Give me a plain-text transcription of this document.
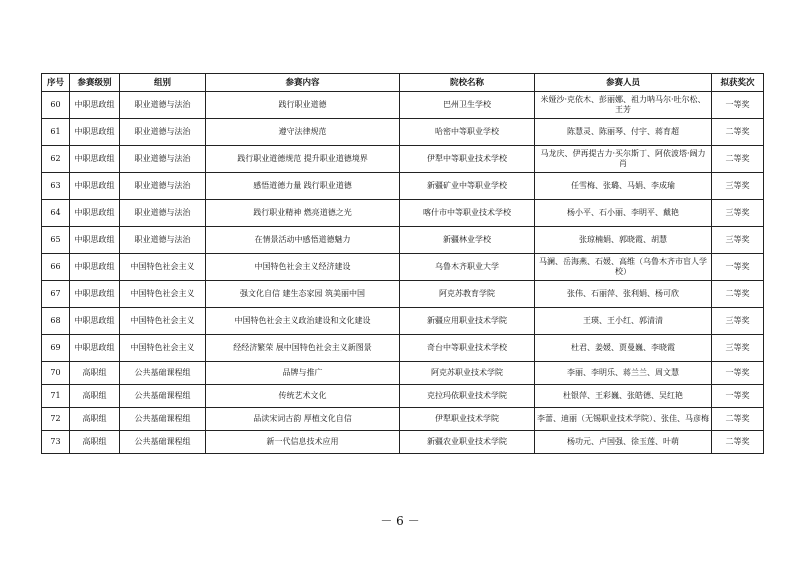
序号	参赛级别	组别	参赛内容	院校名称	参赛人员	拟获奖次
60	中职思政组	职业道德与法治	践行职业道德	巴州卫生学校	米娅沙·克依木、彭丽娜、祖力呐马尔·吐尔松、王芳	一等奖
61	中职思政组	职业道德与法治	遵守法律规范	哈密中等职业学校	陈慧灵、陈丽琴、付宇、蒋育超	二等奖
62	中职思政组	职业道德与法治	践行职业道德规范 提升职业道德境界	伊犁中等职业技术学校	马龙庆、伊再提古力·买尔斯丁、阿依波塔·阔力肖	二等奖
63	中职思政组	职业道德与法治	感悟道德力量 践行职业道德	新疆矿业中等职业学校	任雪梅、张璐、马娟、李成瑜	三等奖
64	中职思政组	职业道德与法治	践行职业精神 燃亮道德之光	喀什市中等职业技术学校	杨小平、石小丽、李明平、戴艳	三等奖
65	中职思政组	职业道德与法治	在情景活动中感悟道德魅力	新疆林业学校	张琼楠娟、郭晓霞、胡慧	三等奖
66	中职思政组	中国特色社会主义	中国特色社会主义经济建设	乌鲁木齐职业大学	马澜、岳海燕、石媛、高维（乌鲁木齐市盲人学校）	一等奖
67	中职思政组	中国特色社会主义	强文化自信 建生态家园 筑美丽中国	阿克苏教育学院	张伟、石丽萍、张利娟、杨可欣	二等奖
68	中职思政组	中国特色社会主义	中国特色社会主义政治建设和文化建设	新疆应用职业技术学院	王瑛、王小红、郭清清	三等奖
69	中职思政组	中国特色社会主义	经经济繁荣 展中国特色社会主义新图景	奇台中等职业技术学校	杜君、姜媛、贾曼巍、李晓霞	三等奖
70	高职组	公共基础课程组	品牌与推广	阿克苏职业技术学院	李丽、李明乐、蒋兰兰、周文慧	一等奖
71	高职组	公共基础课程组	传统艺术文化	克拉玛依职业技术学院	杜银萍、王彩巍、张皓德、吴红艳	一等奖
72	高职组	公共基础课程组	品读宋词古韵 厚植文化自信	伊犁职业技术学院	李蕾、迪丽（无锡职业技术学院）、张佳、马彦梅	二等奖
73	高职组	公共基础课程组	新一代信息技术应用	新疆农业职业技术学院	杨功元、卢国强、徐玉莲、叶萌	二等奖
－ 6 －
